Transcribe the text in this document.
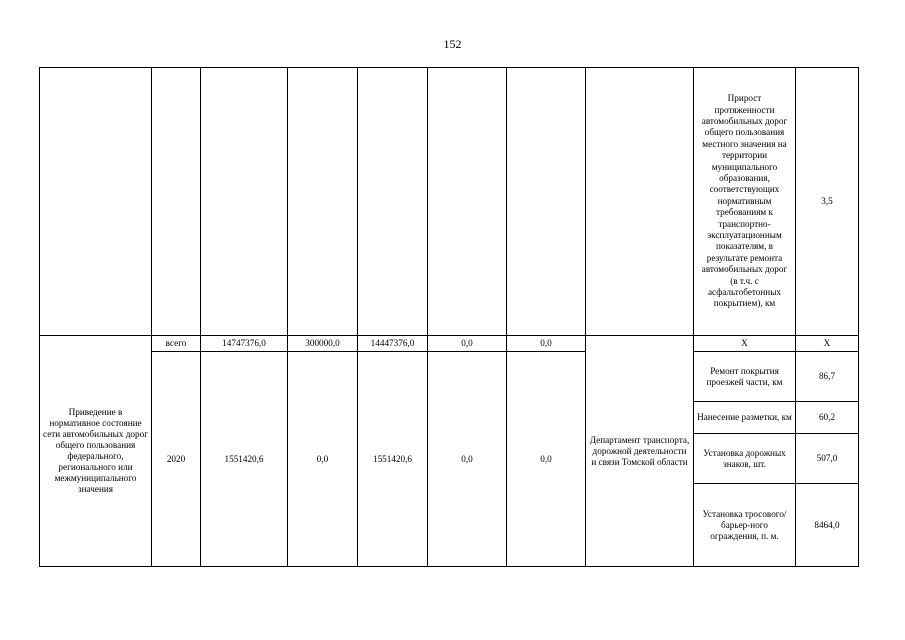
152
								Прирост протяженности автомобильных дорог общего пользования местного значения на территории муниципального образования, соответствующих нормативным требованиям к транспортно-эксплуатационным показателям, в результате ремонта автомобильных дорог (в т.ч. с асфальтобетонных покрытием), км	3,5
Приведение в нормативное состояние сети автомобильных дорог общего пользования федерального, регионального или межмуниципального значения	всего	14747376,0	300000,0	14447376,0	0,0	0,0	Департамент транспорта, дорожной деятельности и связи Томской области	Х	Х
	2020	1551420,6	0,0	1551420,6	0,0	0,0		Ремонт покрытия проезжей части, км	86,7
								Нанесение разметки, км	60,2
								Установка дорожных знаков, шт.	507,0
								Установка тросового/барьер-ного ограждения, п. м.	8464,0
